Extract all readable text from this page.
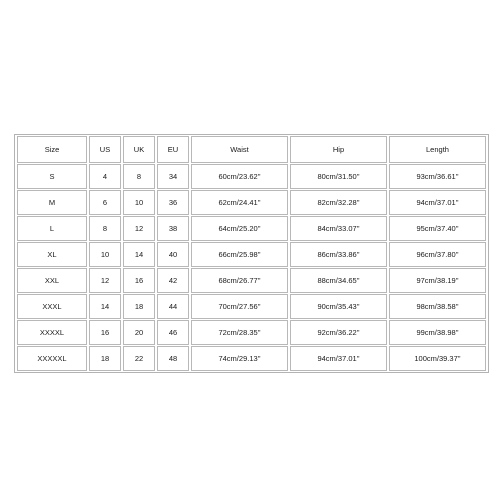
Size	US	UK	EU	Waist	Hip	Length
S	4	8	34	60cm/23.62''	80cm/31.50''	93cm/36.61''
M	6	10	36	62cm/24.41''	82cm/32.28''	94cm/37.01''
L	8	12	38	64cm/25.20''	84cm/33.07''	95cm/37.40''
XL	10	14	40	66cm/25.98''	86cm/33.86''	96cm/37.80''
XXL	12	16	42	68cm/26.77''	88cm/34.65''	97cm/38.19''
XXXL	14	18	44	70cm/27.56''	90cm/35.43''	98cm/38.58''
XXXXL	16	20	46	72cm/28.35''	92cm/36.22''	99cm/38.98''
XXXXXL	18	22	48	74cm/29.13''	94cm/37.01''	100cm/39.37''
